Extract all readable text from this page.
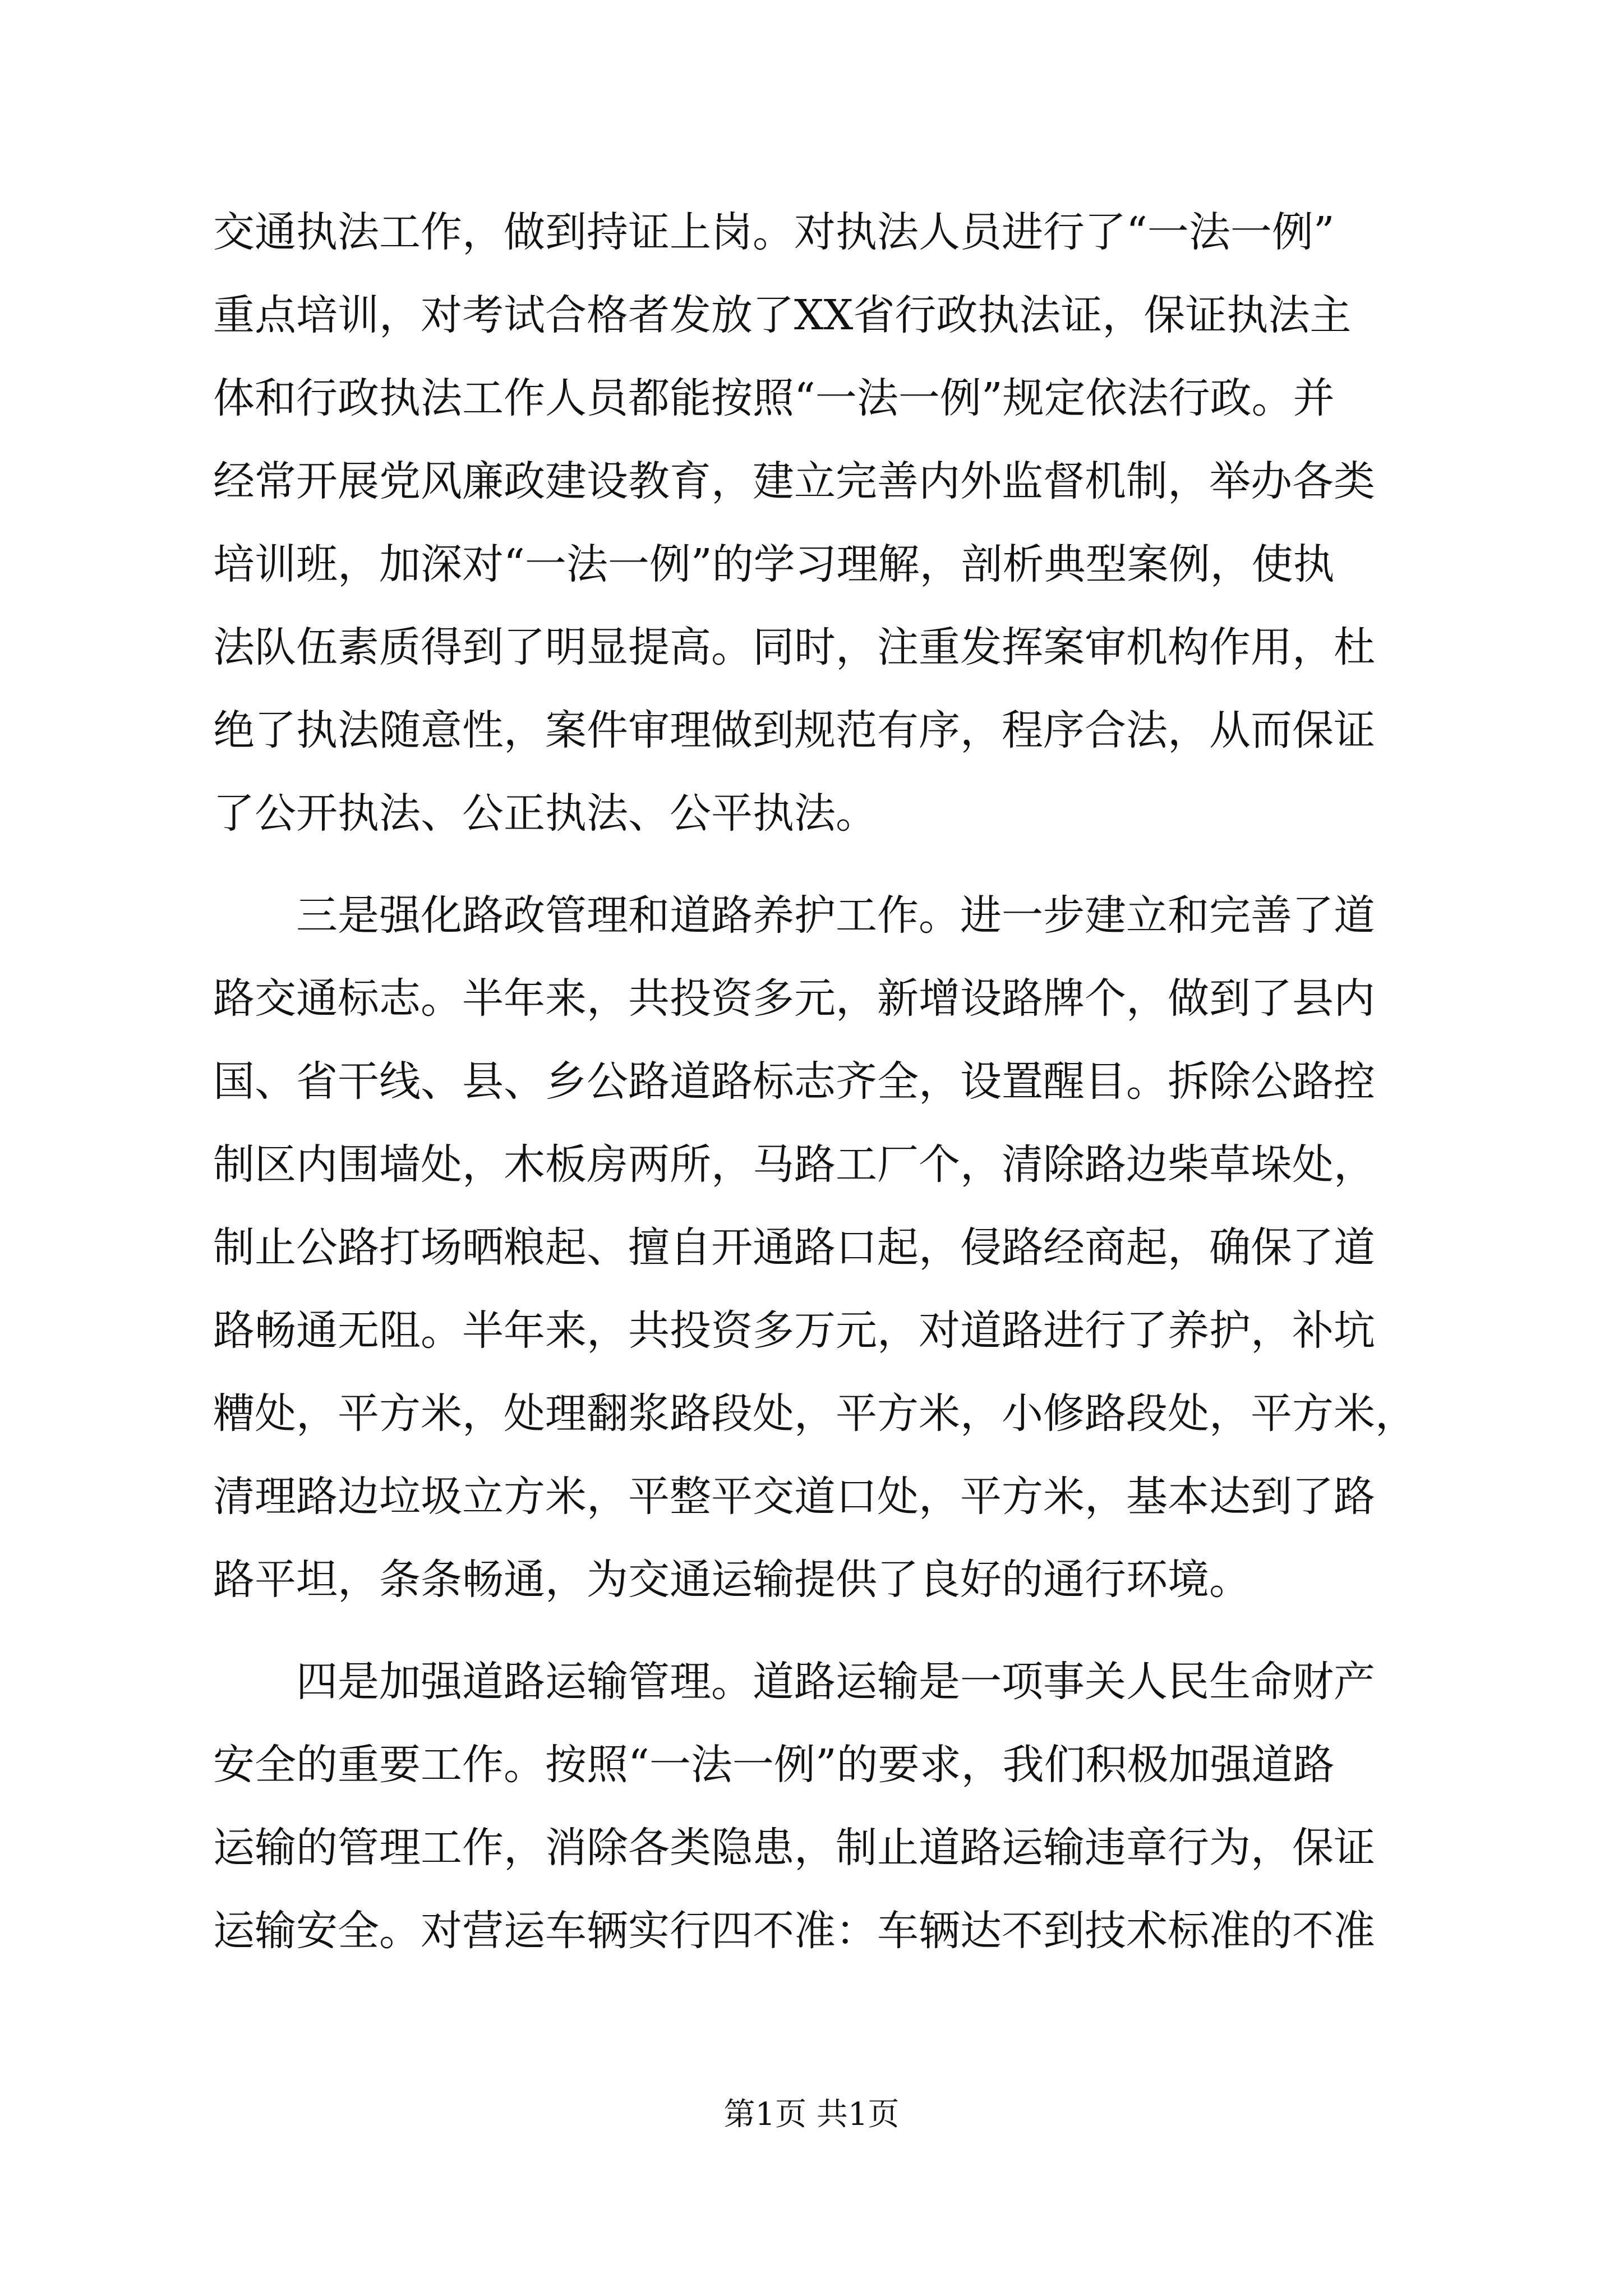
交通执法工作，做到持证上岗。对执法人员进行了“一法一例”
重点培训，对考试合格者发放了XX省行政执法证，保证执法主
体和行政执法工作人员都能按照“一法一例”规定依法行政。并
经常开展党风廉政建设教育，建立完善内外监督机制，举办各类
培训班，加深对“一法一例”的学习理解，剖析典型案例，使执
法队伍素质得到了明显提高。同时，注重发挥案审机构作用，杜
绝了执法随意性，案件审理做到规范有序，程序合法，从而保证
了公开执法、公正执法、公平执法。
三是强化路政管理和道路养护工作。进一步建立和完善了道
路交通标志。半年来，共投资多元，新增设路牌个，做到了县内
国、省干线、县、乡公路道路标志齐全，设置醒目。拆除公路控
制区内围墙处，木板房两所，马路工厂个，清除路边柴草垛处，
制止公路打场晒粮起、擅自开通路口起，侵路经商起，确保了道
路畅通无阻。半年来，共投资多万元，对道路进行了养护，补坑
糟处，平方米，处理翻浆路段处，平方米，小修路段处，平方米，
清理路边垃圾立方米，平整平交道口处，平方米，基本达到了路
路平坦，条条畅通，为交通运输提供了良好的通行环境。
四是加强道路运输管理。道路运输是一项事关人民生命财产
安全的重要工作。按照“一法一例”的要求，我们积极加强道路
运输的管理工作，消除各类隐患，制止道路运输违章行为，保证
运输安全。对营运车辆实行四不准：车辆达不到技术标准的不准
第1页 共1页
